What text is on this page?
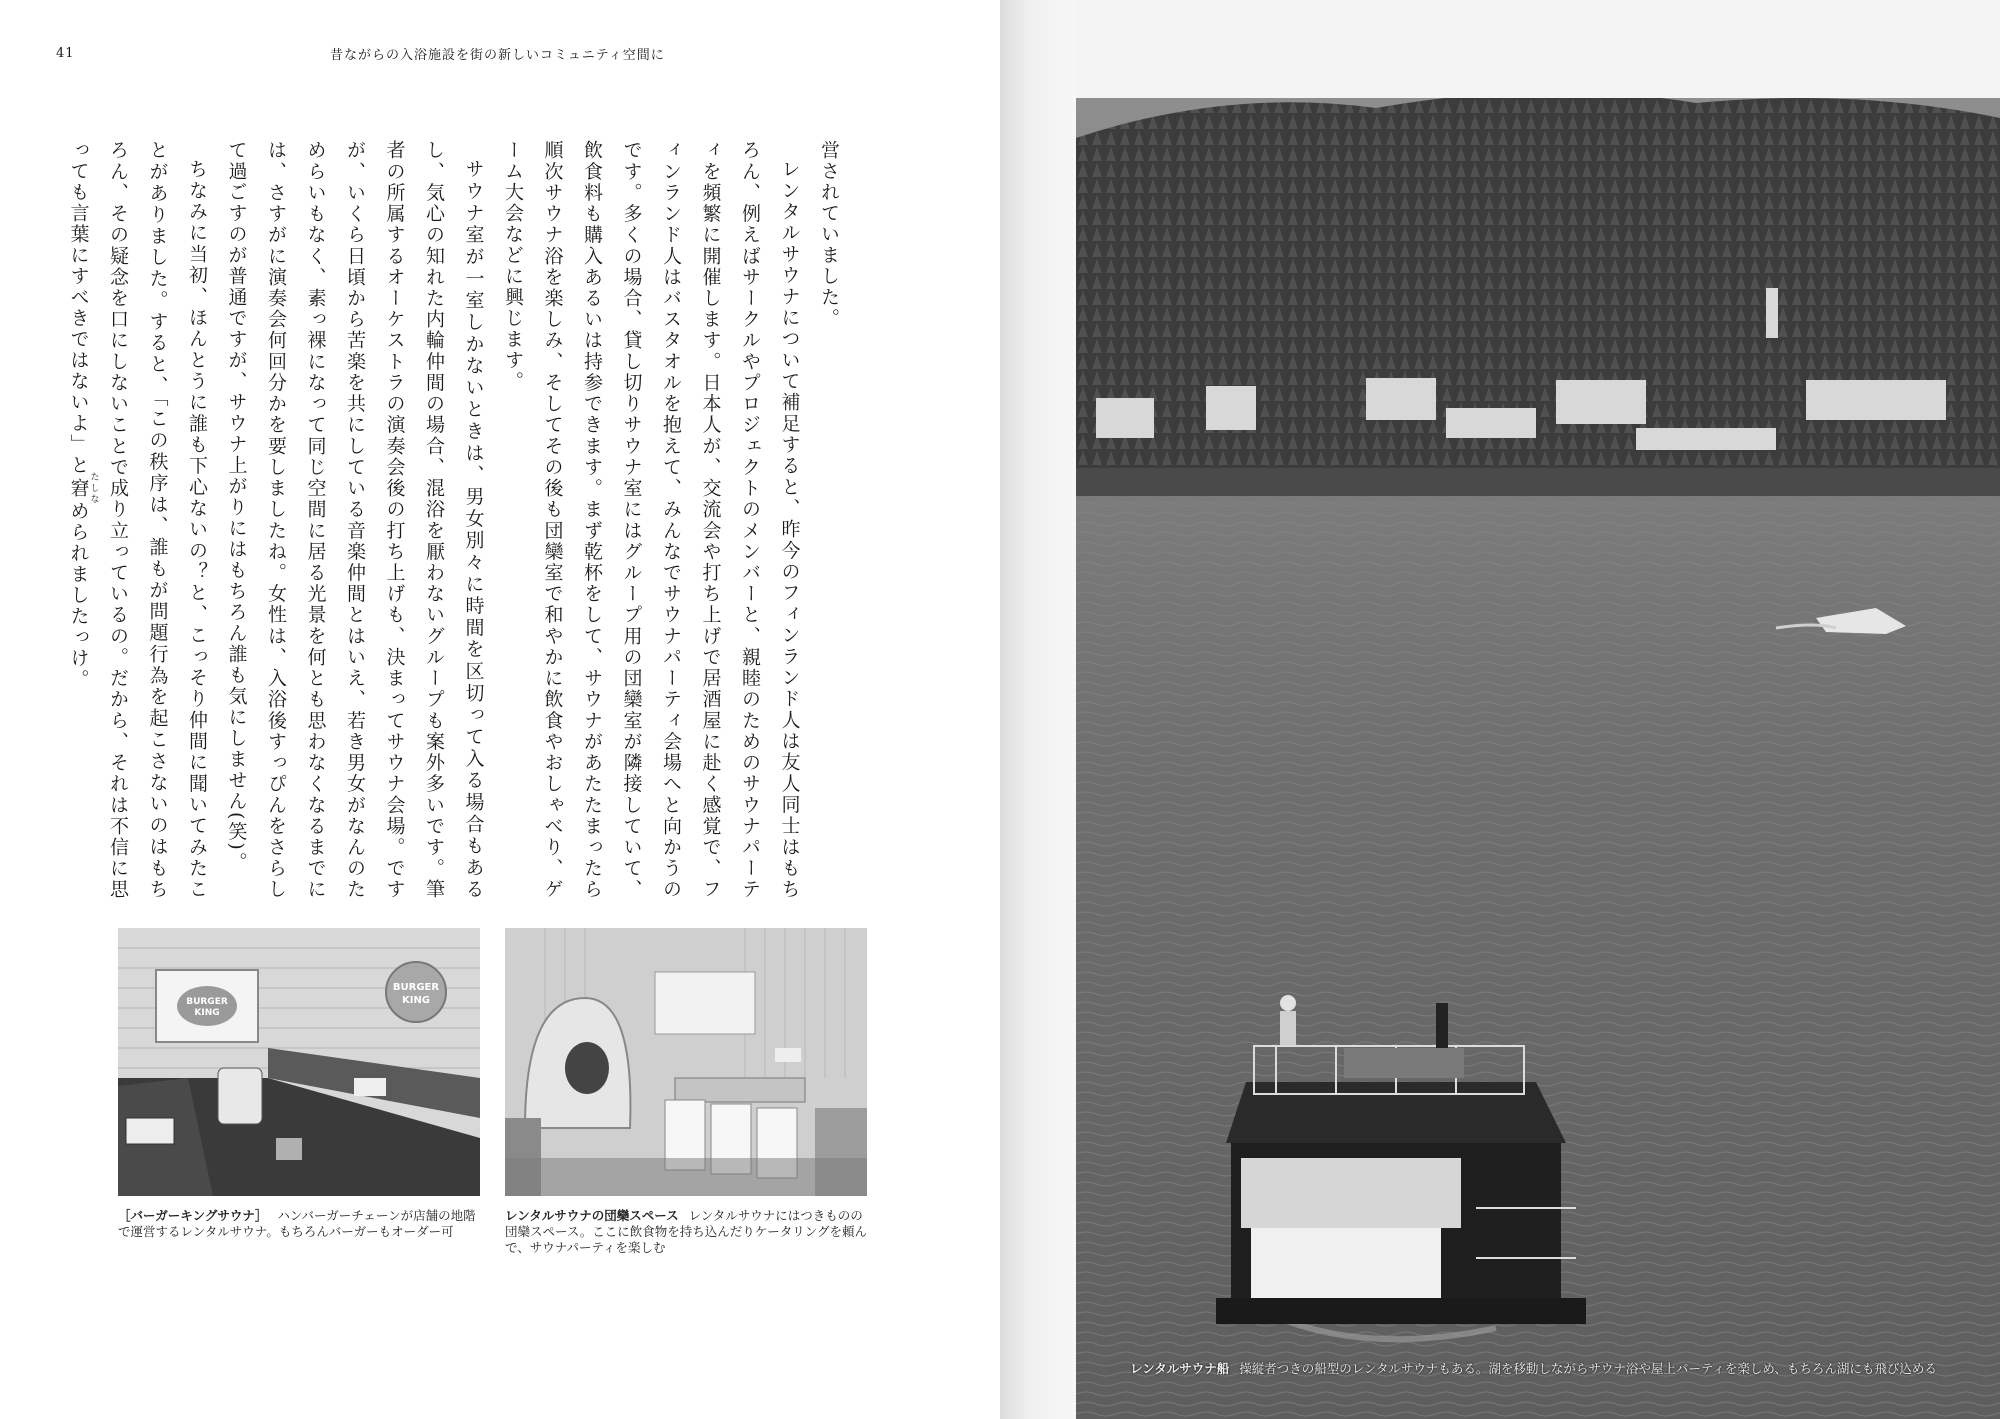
41	昔ながらの入浴施設を街の新しいコミュニティ空間に

営されていました。

レンタルサウナについて補足すると、昨今のフィンランド人は友人同士はもちろん、例えばサークルやプロジェクトのメンバーと、親睦のためのサウナパーティを頻繁に開催します。日本人が、交流会や打ち上げで居酒屋に赴く感覚で、フィンランド人はバスタオルを抱えて、みんなでサウナパーティ会場へと向かうのです。多くの場合、貸し切りサウナ室にはグループ用の団欒室が隣接していて、飲食料も購入あるいは持参できます。まず乾杯をして、サウナがあたたまったら順次サウナ浴を楽しみ、そしてその後も団欒室で和やかに飲食やおしゃべり、ゲーム大会などに興じます。

サウナ室が一室しかないときは、男女別々に時間を区切って入る場合もあるし、気心の知れた内輪仲間の場合、混浴を厭わないグループも案外多いです。筆者の所属するオーケストラの演奏会後の打ち上げも、決まってサウナ会場。ですが、いくら日頃から苦楽を共にしている音楽仲間とはいえ、若き男女がなんのためらいもなく、素っ裸になって同じ空間に居る光景を何とも思わなくなるまでには、さすがに演奏会何回分かを要しましたね。女性は、入浴後すっぴんをさらして過ごすのが普通ですが、サウナ上がりにはもちろん誰も気にしません(笑)。

ちなみに当初、ほんとうに誰も下心ないの？と、こっそり仲間に聞いてみたことがありました。すると、「この秩序は、誰もが問題行為を起こさないのはもちろん、その疑念を口にしないことで成り立っているの。だから、それは不信に思っても言葉にすべきではないよ」と窘 たしなめられましたっけ。

BURGER
KING
BURGER
KING
［バーガーキングサウナ］ ハンバーガーチェーンが店舗の地階で運営するレンタルサウナ。もちろんバーガーもオーダー可
レンタルサウナの団欒スペース レンタルサウナにはつきものの団欒スペース。ここに飲食物を持ち込んだりケータリングを頼んで、サウナパーティを楽しむ
レンタルサウナ船 操縦者つきの船型のレンタルサウナもある。湖を移動しながらサウナ浴や屋上パーティを楽しめ、もちろん湖にも飛び込める
